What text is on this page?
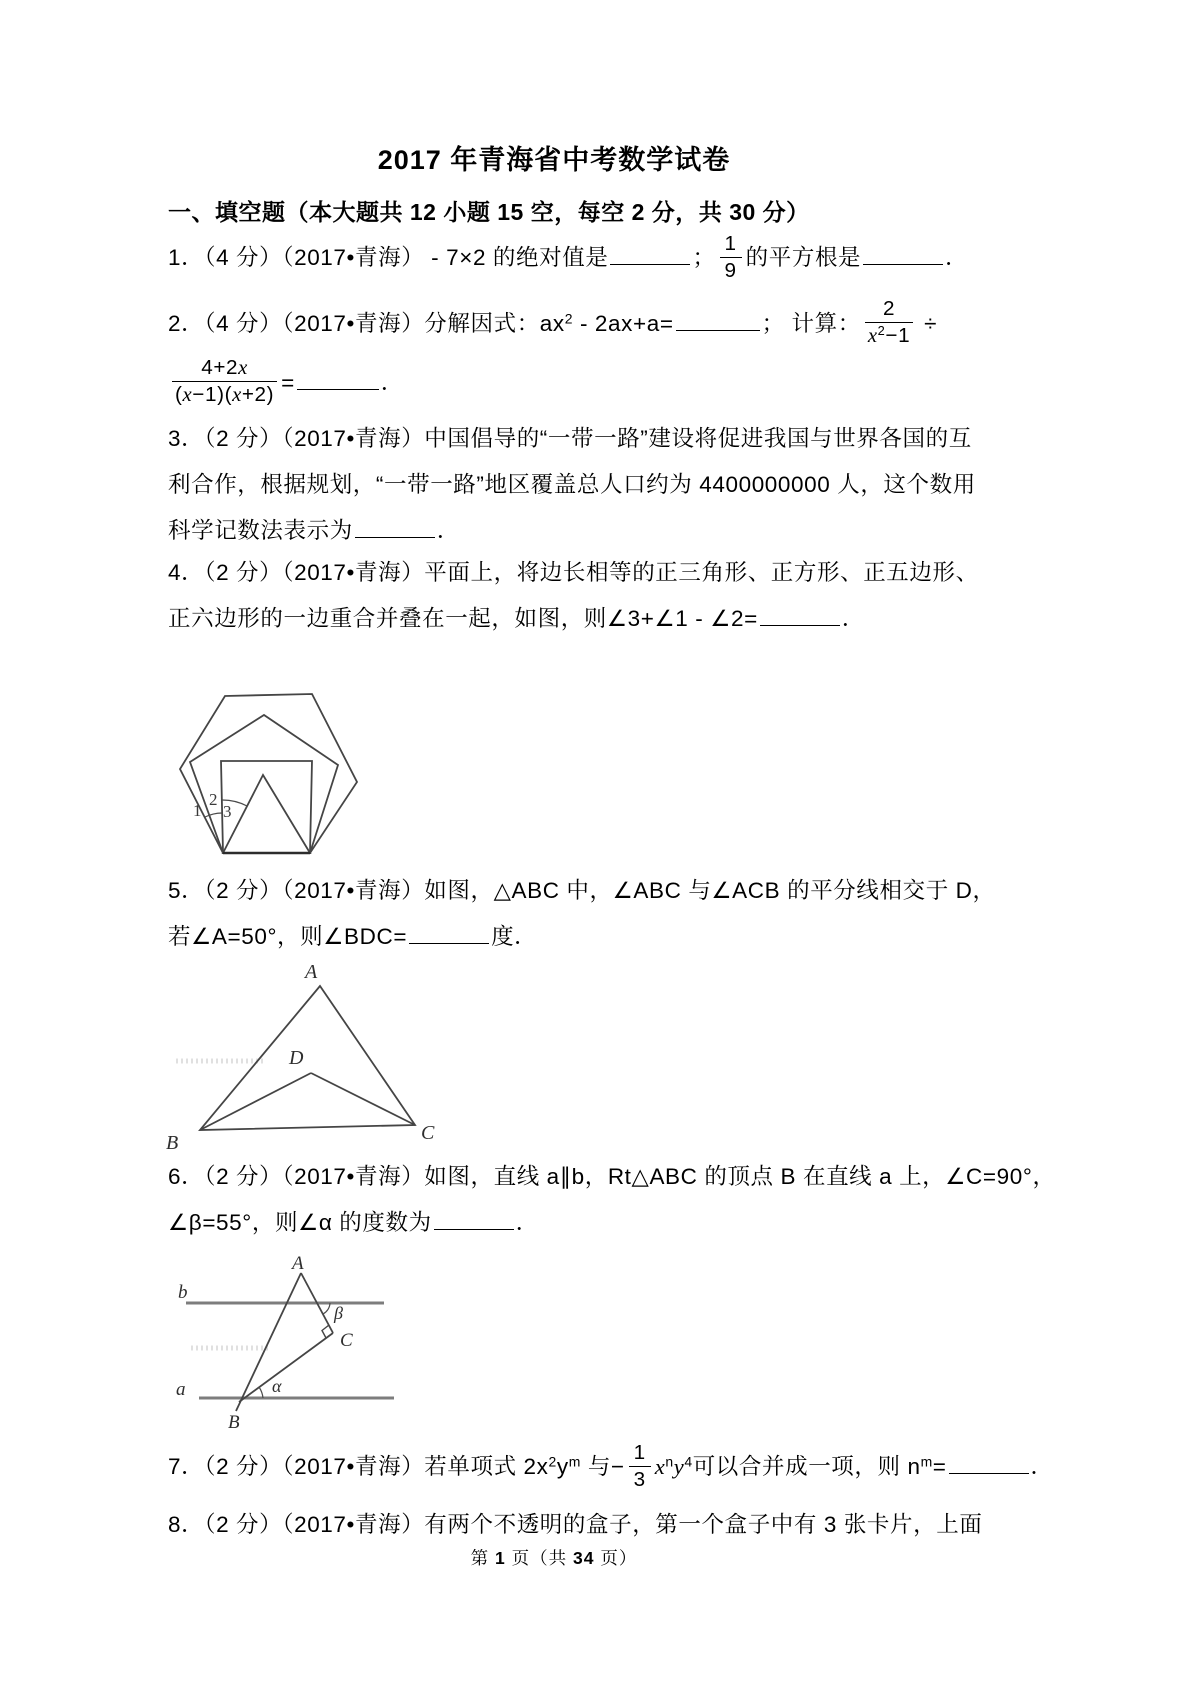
2017 年青海省中考数学试卷
一、填空题（本大题共 12 小题 15 空，每空 2 分，共 30 分）
1．（4 分）（2017•青海） - 7×2 的绝对值是	； $\frac{1}{9}$ 的平方根是	．
2．（4 分）（2017•青海）分解因式：$ax^2 - 2ax+a=$	； 计算： $\frac{2}{x^2-1}$ ÷
$\frac{4+2x}{(x-1)(x+2)}$ =	．
3．（2 分）（2017•青海）中国倡导的“一带一路”建设将促进我国与世界各国的互
利合作，根据规划，“一带一路”地区覆盖总人口约为 4400000000 人，这个数用
科学记数法表示为	．
4．（2 分）（2017•青海）平面上，将边长相等的正三角形、正方形、正五边形、
正六边形的一边重合并叠在一起，如图，则∠3+∠1 - ∠2=	．
1
2
3
5．（2 分）（2017•青海）如图，△ABC 中，∠ABC 与∠ACB 的平分线相交于 D，
若∠A=50°，则∠BDC=	度．
A
B	C
D
6．（2 分）（2017•青海）如图，直线 a∥b，Rt△ABC 的顶点 B 在直线 a 上，∠C=90°，
∠β=55°，则∠α 的度数为	．
A
B
C
a
b
α
β
7．（2 分）（2017•青海）若单项式 $2x^2y^m$ 与− $\frac{1}{3} x^ny^4$可以合并成一项，则 $n^m=$	．
8．（2 分）（2017•青海）有两个不透明的盒子，第一个盒子中有 3 张卡片，上面
第 1 页（共 34 页）
